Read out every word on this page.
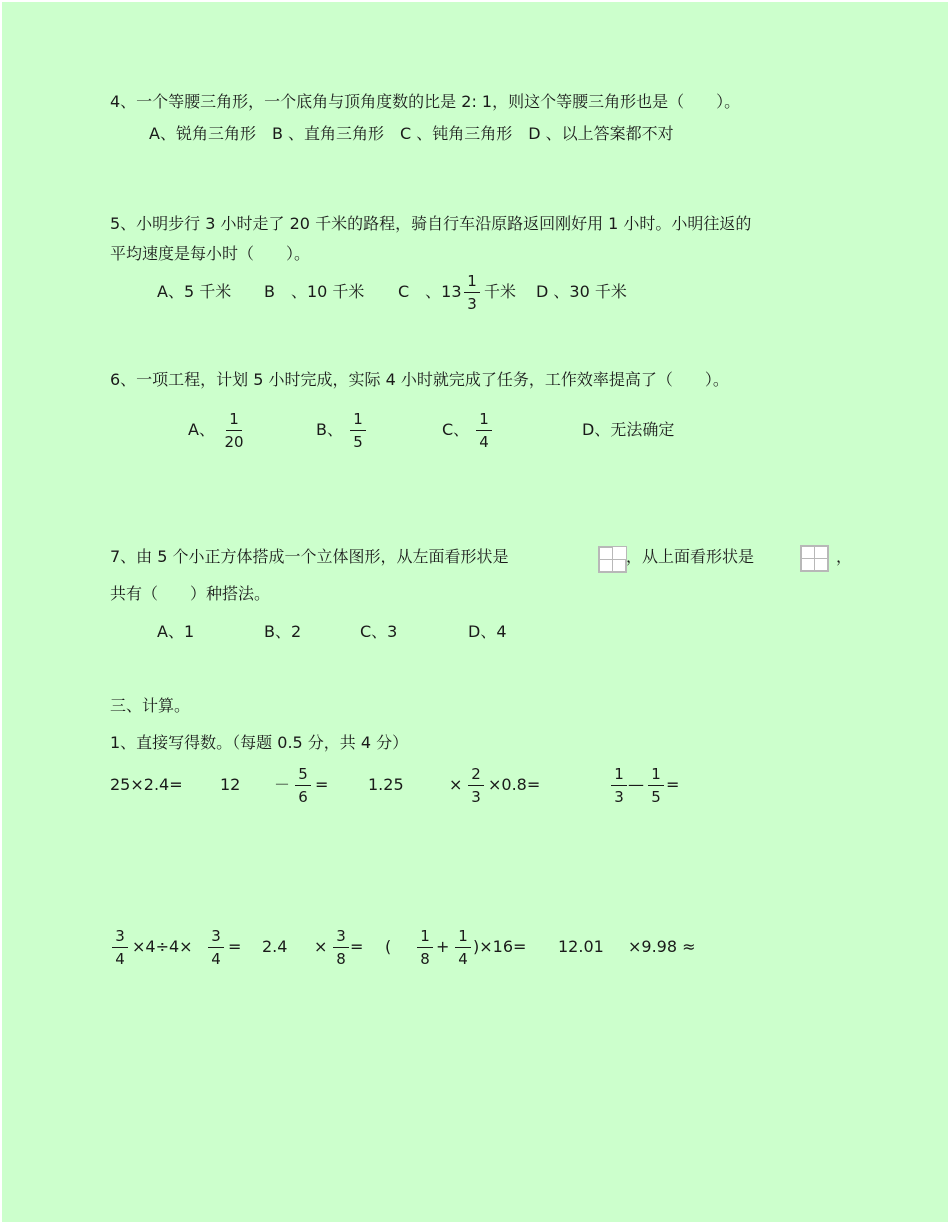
4、一个等腰三角形，一个底角与顶角度数的比是 2: 1，则这个等腰三角形也是（　　）。
A、锐角三角形　B 、直角三角形　C 、钝角三角形　D 、以上答案都不对
5、小明步行 3 小时走了 20 千米的路程，骑自行车沿原路返回刚好用 1 小时。小明往返的
平均速度是每小时（　　）。
A、5 千米 B　、10 千米 C　、13
1
3
千米 D 、30 千米
6、一项工程，计划 5 小时完成，实际 4 小时就完成了任务，工作效率提高了（　　）。
A、
1
20
B、
1
5
C、
1
4
D、无法确定
7、由 5 个小正方体搭成一个立体图形，从左面看形状是	，从上面看形状是	，
共有（　　）种搭法。
A、1	B、2	C、3	D、4
三、计算。
1、直接写得数。（每题 0.5 分，共 4 分）
25×2.4= 12 －
5
6
= 1.25	×
2
3
×0.8=
1
3
—
1
5
=
3
4
×4÷4×
3
4
= 2.4 ×
3
8
= (
1
8
+
1
4
)×16= 12.01 ×9.98 ≈
